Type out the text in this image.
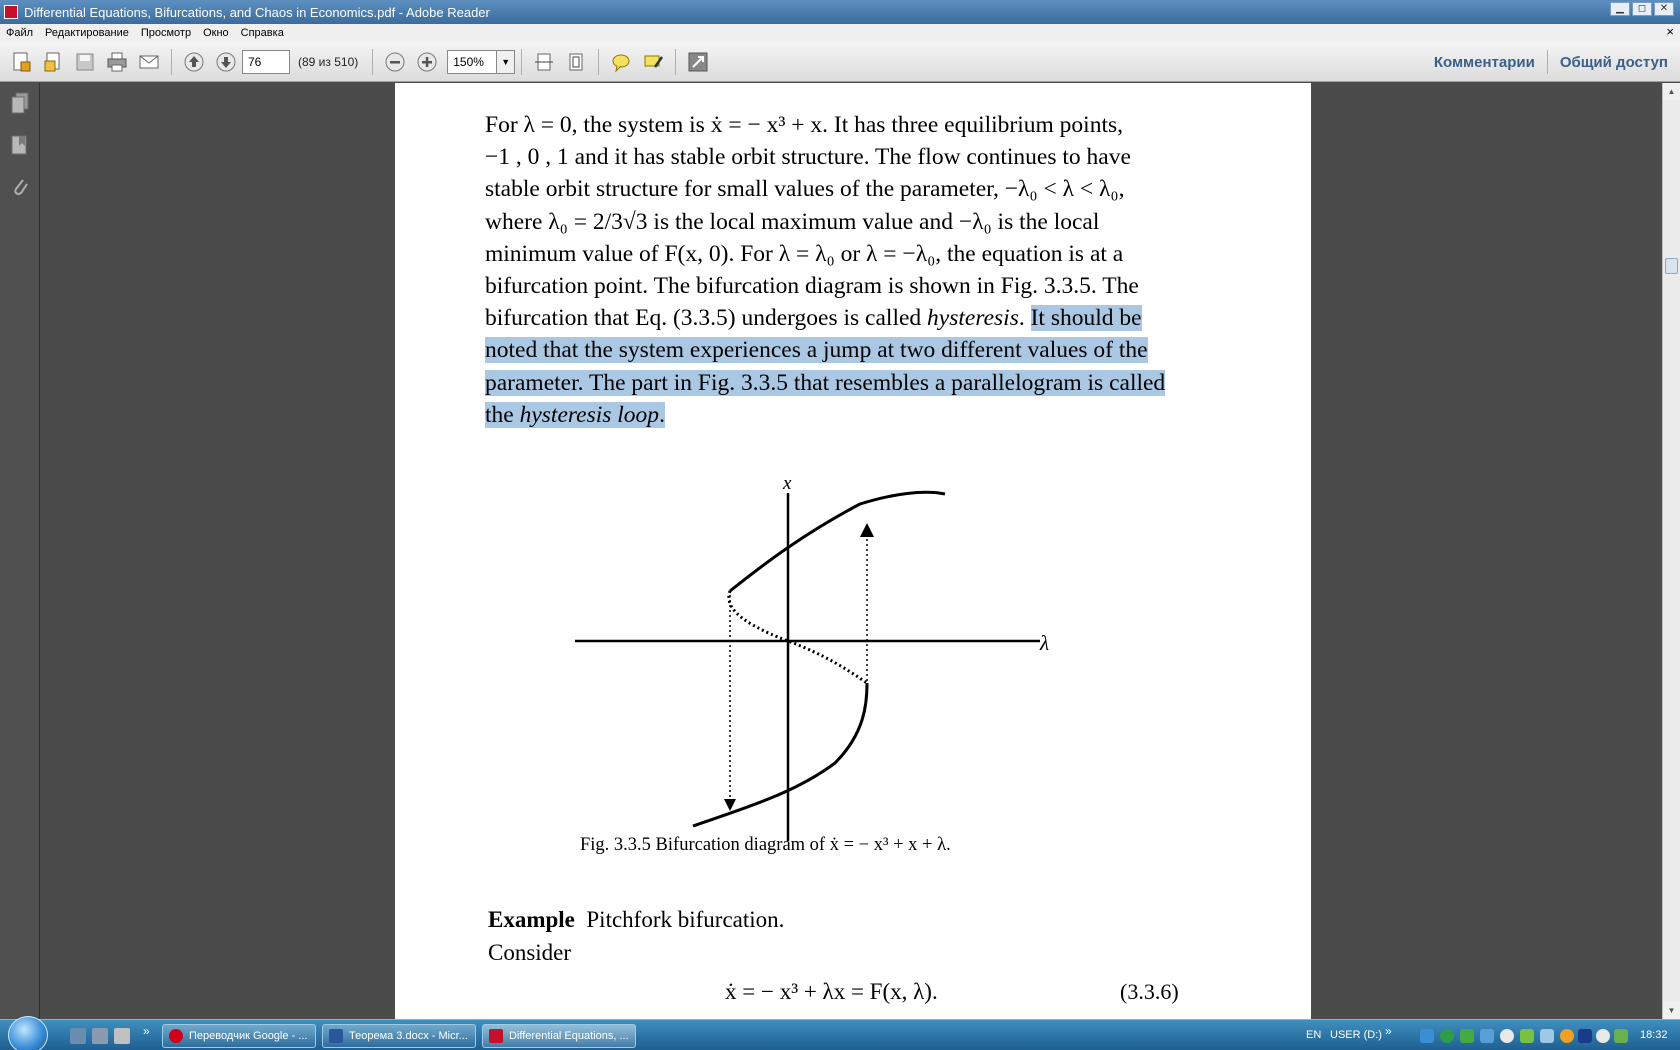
Differential Equations, Bifurcations, and Chaos in Economics.pdf - Adobe Reader	▁	◻	✕
Файл	Редактирование	Просмотр	Окно	Справка	×
76
(89 из 510)
150%	▼	Комментарии Общий доступ
For λ = 0, the system is ẋ = − x³ + x. It has three equilibrium points,
−1 , 0 , 1 and it has stable orbit structure. The flow continues to have
stable orbit structure for small values of the parameter, −λ₀ < λ < λ₀,
where λ₀ = 2/3√3 is the local maximum value and −λ₀ is the local
minimum value of F(x, 0). For λ = λ₀ or λ = −λ₀, the equation is at a
bifurcation point. The bifurcation diagram is shown in Fig. 3.3.5. The
bifurcation that Eq. (3.3.5) undergoes is called hysteresis. It should be
noted that the system experiences a jump at two different values of the
parameter. The part in Fig. 3.3.5 that resembles a parallelogram is called
the hysteresis loop.
x
λ
Fig. 3.3.5 Bifurcation diagram of ẋ = − x³ + x + λ.
Example Pitchfork bifurcation.
Consider
ẋ = − x³ + λx = F(x, λ).	(3.3.6)
▲
▼
»	Переводчик Google - ...	Теорема 3.docx - Micr...	Differential Equations, ...	EN USER (D:) »	18:32
